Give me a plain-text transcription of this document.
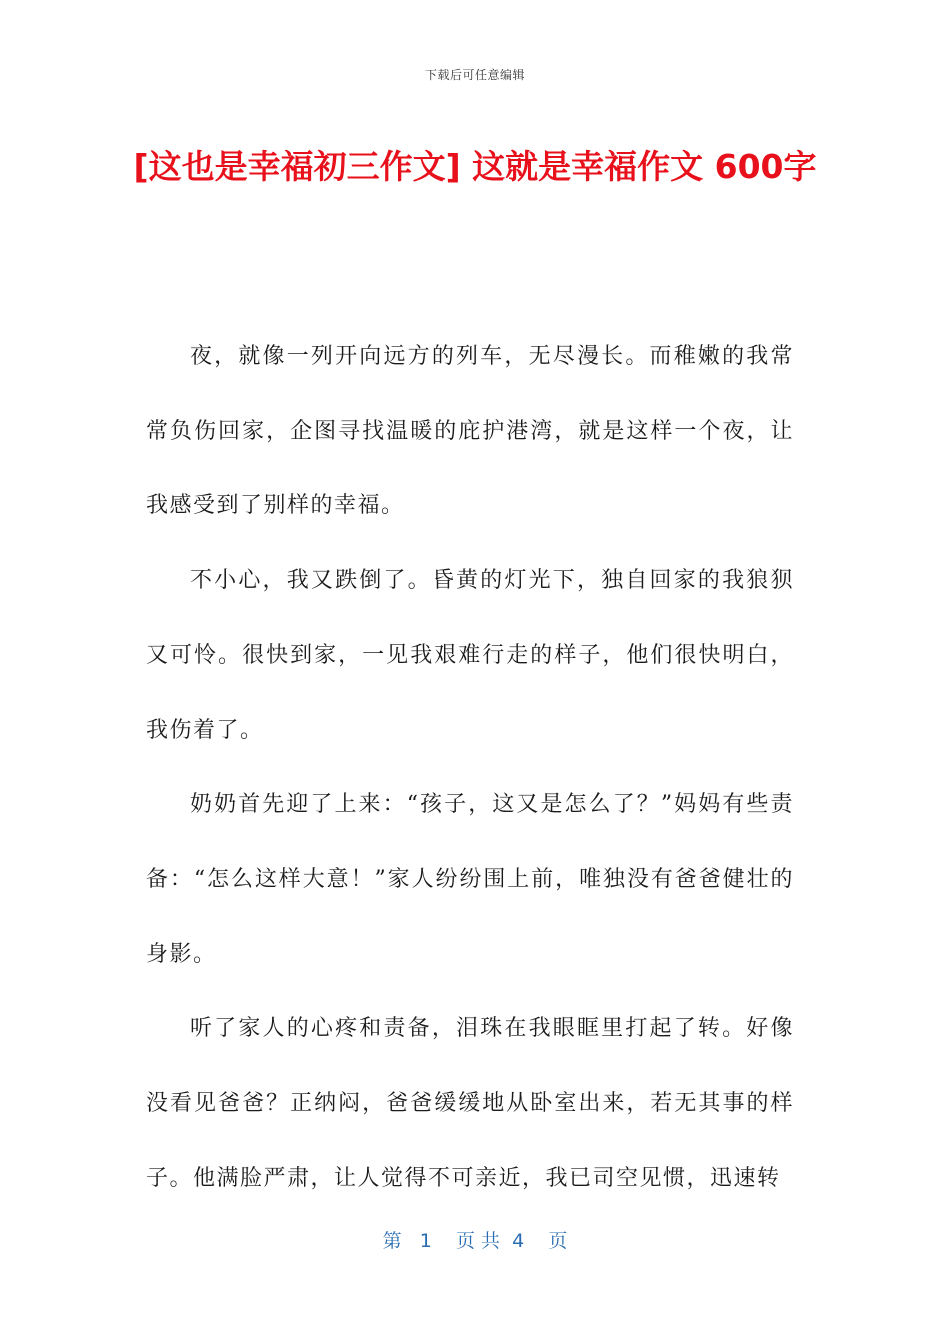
下载后可任意编辑
[这也是幸福初三作文] 这就是幸福作文 600字

夜，就像一列开向远方的列车，无尽漫长。而稚嫩的我常常负伤回家，企图寻找温暖的庇护港湾，就是这样一个夜，让我感受到了别样的幸福。

不小心，我又跌倒了。昏黄的灯光下，独自回家的我狼狈又可怜。很快到家，一见我艰难行走的样子，他们很快明白，我伤着了。

奶奶首先迎了上来：“孩子，这又是怎么了？”妈妈有些责备：“怎么这样大意！”家人纷纷围上前，唯独没有爸爸健壮的身影。

听了家人的心疼和责备，泪珠在我眼眶里打起了转。好像没看见爸爸？正纳闷，爸爸缓缓地从卧室出来，若无其事的样子。他满脸严肃，让人觉得不可亲近，我已司空见惯，迅速转

第   1    页 共  4    页
